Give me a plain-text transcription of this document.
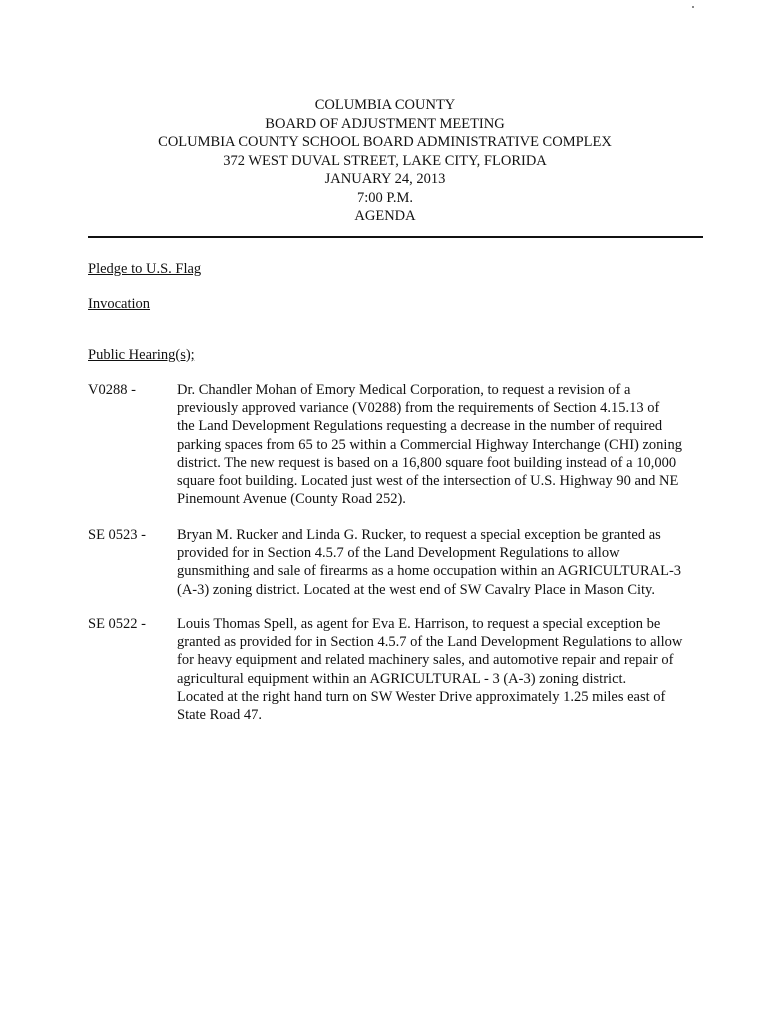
COLUMBIA COUNTY
BOARD OF ADJUSTMENT MEETING
COLUMBIA COUNTY SCHOOL BOARD ADMINISTRATIVE COMPLEX
372 WEST DUVAL STREET, LAKE CITY, FLORIDA
JANUARY 24, 2013
7:00 P.M.
AGENDA
Pledge to U.S. Flag
Invocation
Public Hearing(s);
V0288 -	Dr. Chandler Mohan of Emory Medical Corporation, to request a revision of a
previously approved variance (V0288) from the requirements of Section 4.15.13 of
the Land Development Regulations requesting a decrease in the number of required
parking spaces from 65 to 25 within a Commercial Highway Interchange (CHI) zoning
district. The new request is based on a 16,800 square foot building instead of a 10,000
square foot building. Located just west of the intersection of U.S. Highway 90 and NE
Pinemount Avenue (County Road 252).
SE 0523 -	Bryan M. Rucker and Linda G. Rucker, to request a special exception be granted as
provided for in Section 4.5.7 of the Land Development Regulations to allow
gunsmithing and sale of firearms as a home occupation within an AGRICULTURAL-3
(A-3) zoning district. Located at the west end of SW Cavalry Place in Mason City.
SE 0522 -	Louis Thomas Spell, as agent for Eva E. Harrison, to request a special exception be
granted as provided for in Section 4.5.7 of the Land Development Regulations to allow
for heavy equipment and related machinery sales, and automotive repair and repair of
agricultural equipment within an AGRICULTURAL - 3 (A-3) zoning district.
Located at the right hand turn on SW Wester Drive approximately 1.25 miles east of
State Road 47.
